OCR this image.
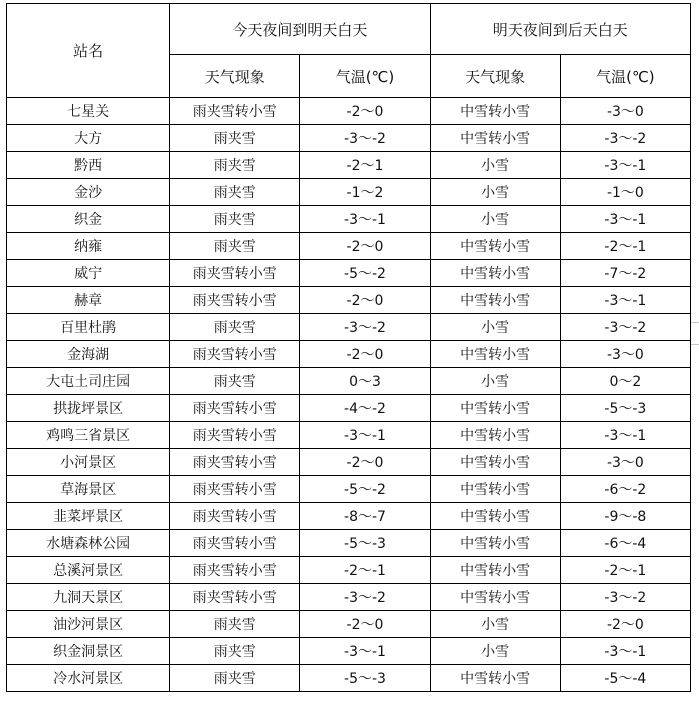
站名	今天夜间到明天白天		明天夜间到后天白天	
	天气现象	气温(℃)	天气现象	气温(℃)
七星关	雨夹雪转小雪	-2～0	中雪转小雪	-3～0
大方	雨夹雪	-3～-2	中雪转小雪	-3～-2
黔西	雨夹雪	-2～1	小雪	-3～-1
金沙	雨夹雪	-1～2	小雪	-1～0
织金	雨夹雪	-3～-1	小雪	-3～-1
纳雍	雨夹雪	-2～0	中雪转小雪	-2～-1
威宁	雨夹雪转小雪	-5～-2	中雪转小雪	-7～-2
赫章	雨夹雪转小雪	-2～0	中雪转小雪	-3～-1
百里杜鹃	雨夹雪	-3～-2	小雪	-3～-2
金海湖	雨夹雪转小雪	-2～0	中雪转小雪	-3～0
大屯土司庄园	雨夹雪	0～3	小雪	0～2
拱拢坪景区	雨夹雪转小雪	-4～-2	中雪转小雪	-5～-3
鸡鸣三省景区	雨夹雪转小雪	-3～-1	中雪转小雪	-3～-1
小河景区	雨夹雪转小雪	-2～0	中雪转小雪	-3～0
草海景区	雨夹雪转小雪	-5～-2	中雪转小雪	-6～-2
韭菜坪景区	雨夹雪转小雪	-8～-7	中雪转小雪	-9～-8
水塘森林公园	雨夹雪转小雪	-5～-3	中雪转小雪	-6～-4
总溪河景区	雨夹雪转小雪	-2～-1	中雪转小雪	-2～-1
九洞天景区	雨夹雪转小雪	-3～-2	中雪转小雪	-3～-2
油沙河景区	雨夹雪	-2～0	小雪	-2～0
织金洞景区	雨夹雪	-3～-1	小雪	-3～-1
冷水河景区	雨夹雪	-5～-3	中雪转小雪	-5～-4
